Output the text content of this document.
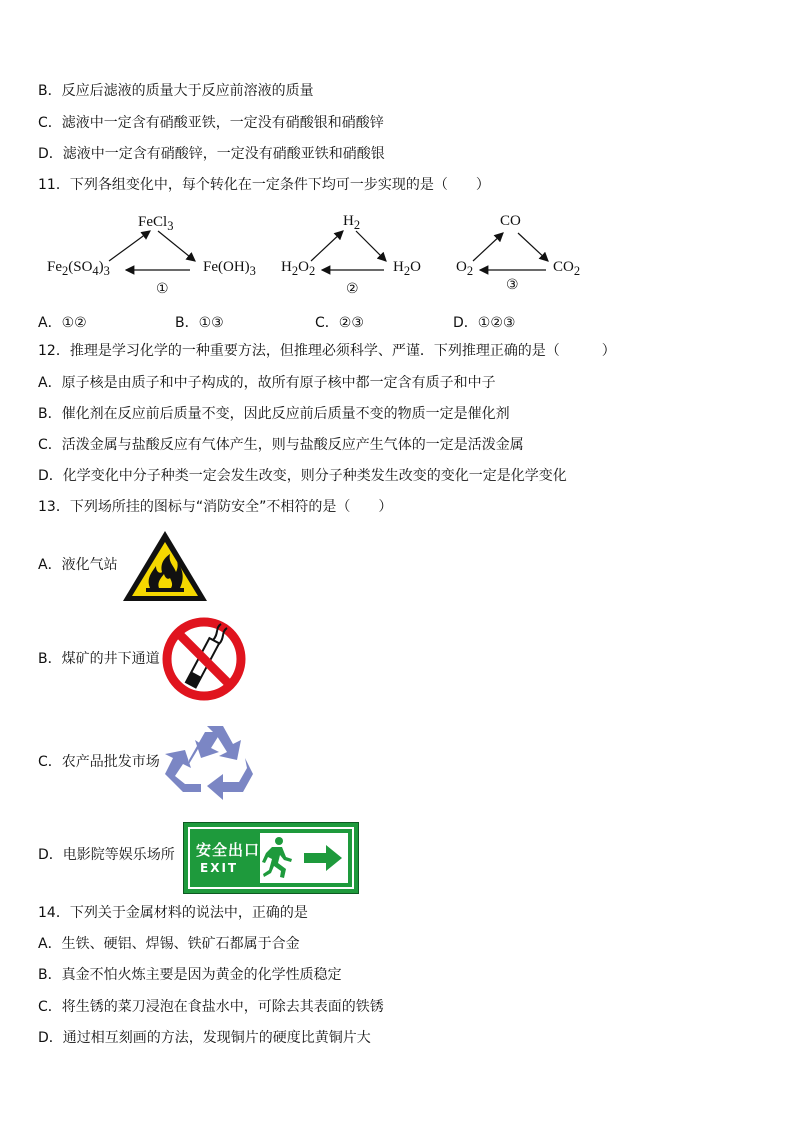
B．反应后滤液的质量大于反应前溶液的质量
C．滤液中一定含有硝酸亚铁，一定没有硝酸银和硝酸锌
D．滤液中一定含有硝酸锌，一定没有硝酸亚铁和硝酸银
11．下列各组变化中，每个转化在一定条件下均可一步实现的是（　　）
FeCl$_3$
$Fe_2(SO_4)_3$	$Fe(OH)_3$
①
$H_2$
$H_2O_2$	$H_2O$
②
CO
$O_2$	$CO_2$
③
A．①②	B．①③	C．②③	D．①②③
12．推理是学习化学的一种重要方法，但推理必须科学、严谨．下列推理正确的是（　　　）
A．原子核是由质子和中子构成的，故所有原子核中都一定含有质子和中子
B．催化剂在反应前后质量不变，因此反应前后质量不变的物质一定是催化剂
C．活泼金属与盐酸反应有气体产生，则与盐酸反应产生气体的一定是活泼金属
D．化学变化中分子种类一定会发生改变，则分子种类发生改变的变化一定是化学变化
13．下列场所挂的图标与“消防安全”不相符的是（　　）
A．液化气站
B．煤矿的井下通道
C．农产品批发市场
D．电影院等娱乐场所 安全出口
EXIT
14．下列关于金属材料的说法中，正确的是
A．生铁、硬铝、焊锡、铁矿石都属于合金
B．真金不怕火炼主要是因为黄金的化学性质稳定
C．将生锈的菜刀浸泡在食盐水中，可除去其表面的铁锈
D．通过相互刻画的方法，发现铜片的硬度比黄铜片大
